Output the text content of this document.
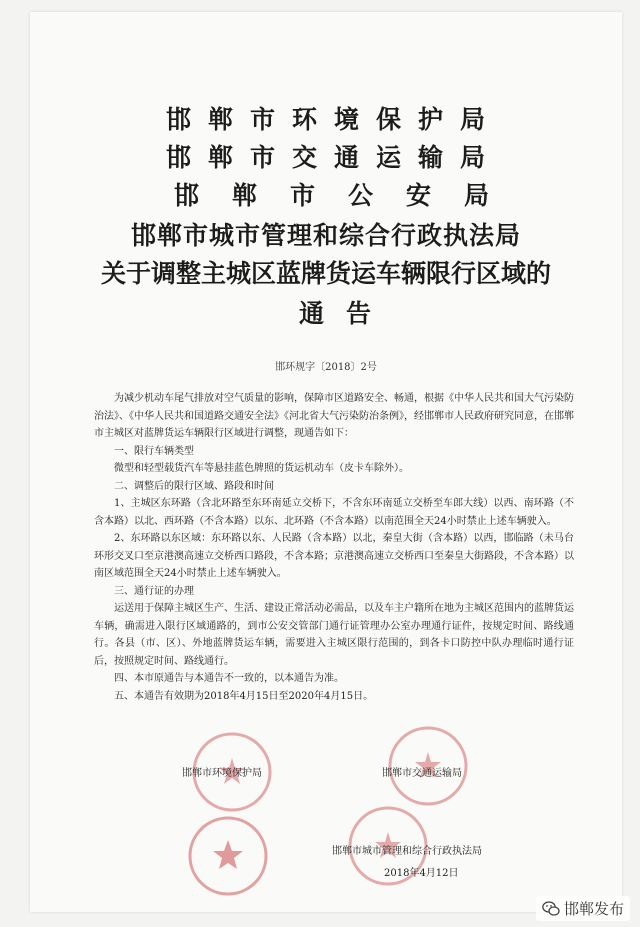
邯郸市环境保护局
邯郸市交通运输局
邯郸市公安局
邯郸市城市管理和综合行政执法局
关于调整主城区蓝牌货运车辆限行区域的
通告
邯环规字〔2018〕2号

为减少机动车尾气排放对空气质量的影响，保障市区道路安全、畅通，根据《中华人民共和国大气污染防治法》、《中华人民共和国道路交通安全法》《河北省大气污染防治条例》，经邯郸市人民政府研究同意，在邯郸市主城区对蓝牌货运车辆限行区域进行调整，现通告如下：

一、限行车辆类型

微型和轻型载货汽车等悬挂蓝色牌照的货运机动车（皮卡车除外）。

二、调整后的限行区域、路段和时间

1、主城区东环路（含北环路至东环南延立交桥下，不含东环南延立交桥至车郎大线）以西、南环路（不含本路）以北、西环路（不含本路）以东、北环路（不含本路）以南范围全天24小时禁止上述车辆驶入。

2、东环路以东区域：东环路以东、人民路（含本路）以北，秦皇大街（含本路）以西，邯临路（未马台环形交叉口至京港澳高速立交桥西口路段，不含本路；京港澳高速立交桥西口至秦皇大街路段，不含本路）以南区域范围全天24小时禁止上述车辆驶入。

三、通行证的办理

运送用于保障主城区生产、生活、建设正常活动必需品，以及车主户籍所在地为主城区范围内的蓝牌货运车辆，确需进入限行区域通路的，到市公安交管部门通行证管理办公室办理通行证件，按规定时间、路线通行。各县（市、区）、外地蓝牌货运车辆，需要进入主城区限行范围的，到各卡口防控中队办理临时通行证后，按照规定时间、路线通行。

四、本市原通告与本通告不一致的，以本通告为准。

五、本通告有效期为2018年4月15日至2020年4月15日。

邯郸市环境保护局	邯郸市交通运输局
邯郸市城市管理和综合行政执法局
2018年4月12日
邯郸发布
